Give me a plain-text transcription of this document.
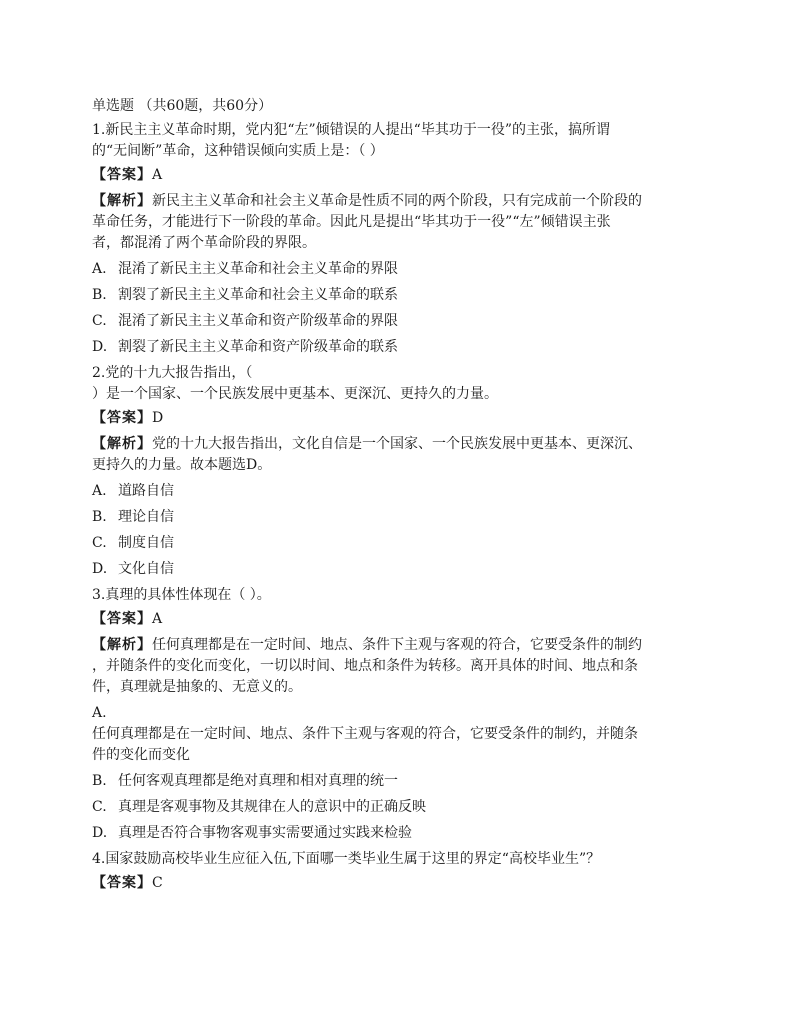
单选题 （共60题，共60分）
1.新民主主义革命时期，党内犯“左”倾错误的人提出“毕其功于一役”的主张，搞所谓
的“无间断”革命，这种错误倾向实质上是：（ ）
【答案】A
【解析】新民主主义革命和社会主义革命是性质不同的两个阶段，只有完成前一个阶段的
革命任务，才能进行下一阶段的革命。因此凡是提出“毕其功于一役”“左”倾错误主张
者，都混淆了两个革命阶段的界限。
A. 混淆了新民主主义革命和社会主义革命的界限
B. 割裂了新民主主义革命和社会主义革命的联系
C. 混淆了新民主主义革命和资产阶级革命的界限
D. 割裂了新民主主义革命和资产阶级革命的联系
2.党的十九大报告指出，（
）是一个国家、一个民族发展中更基本、更深沉、更持久的力量。
【答案】D
【解析】党的十九大报告指出，文化自信是一个国家、一个民族发展中更基本、更深沉、
更持久的力量。故本题选D。
A. 道路自信
B. 理论自信
C. 制度自信
D. 文化自信
3.真理的具体性体现在（ ）。
【答案】A
【解析】任何真理都是在一定时间、地点、条件下主观与客观的符合，它要受条件的制约
，并随条件的变化而变化，一切以时间、地点和条件为转移。离开具体的时间、地点和条
件，真理就是抽象的、无意义的。
A.
任何真理都是在一定时间、地点、条件下主观与客观的符合，它要受条件的制约，并随条
件的变化而变化
B. 任何客观真理都是绝对真理和相对真理的统一
C. 真理是客观事物及其规律在人的意识中的正确反映
D. 真理是否符合事物客观事实需要通过实践来检验
4.国家鼓励高校毕业生应征入伍,下面哪一类毕业生属于这里的界定“高校毕业生”？
【答案】C
